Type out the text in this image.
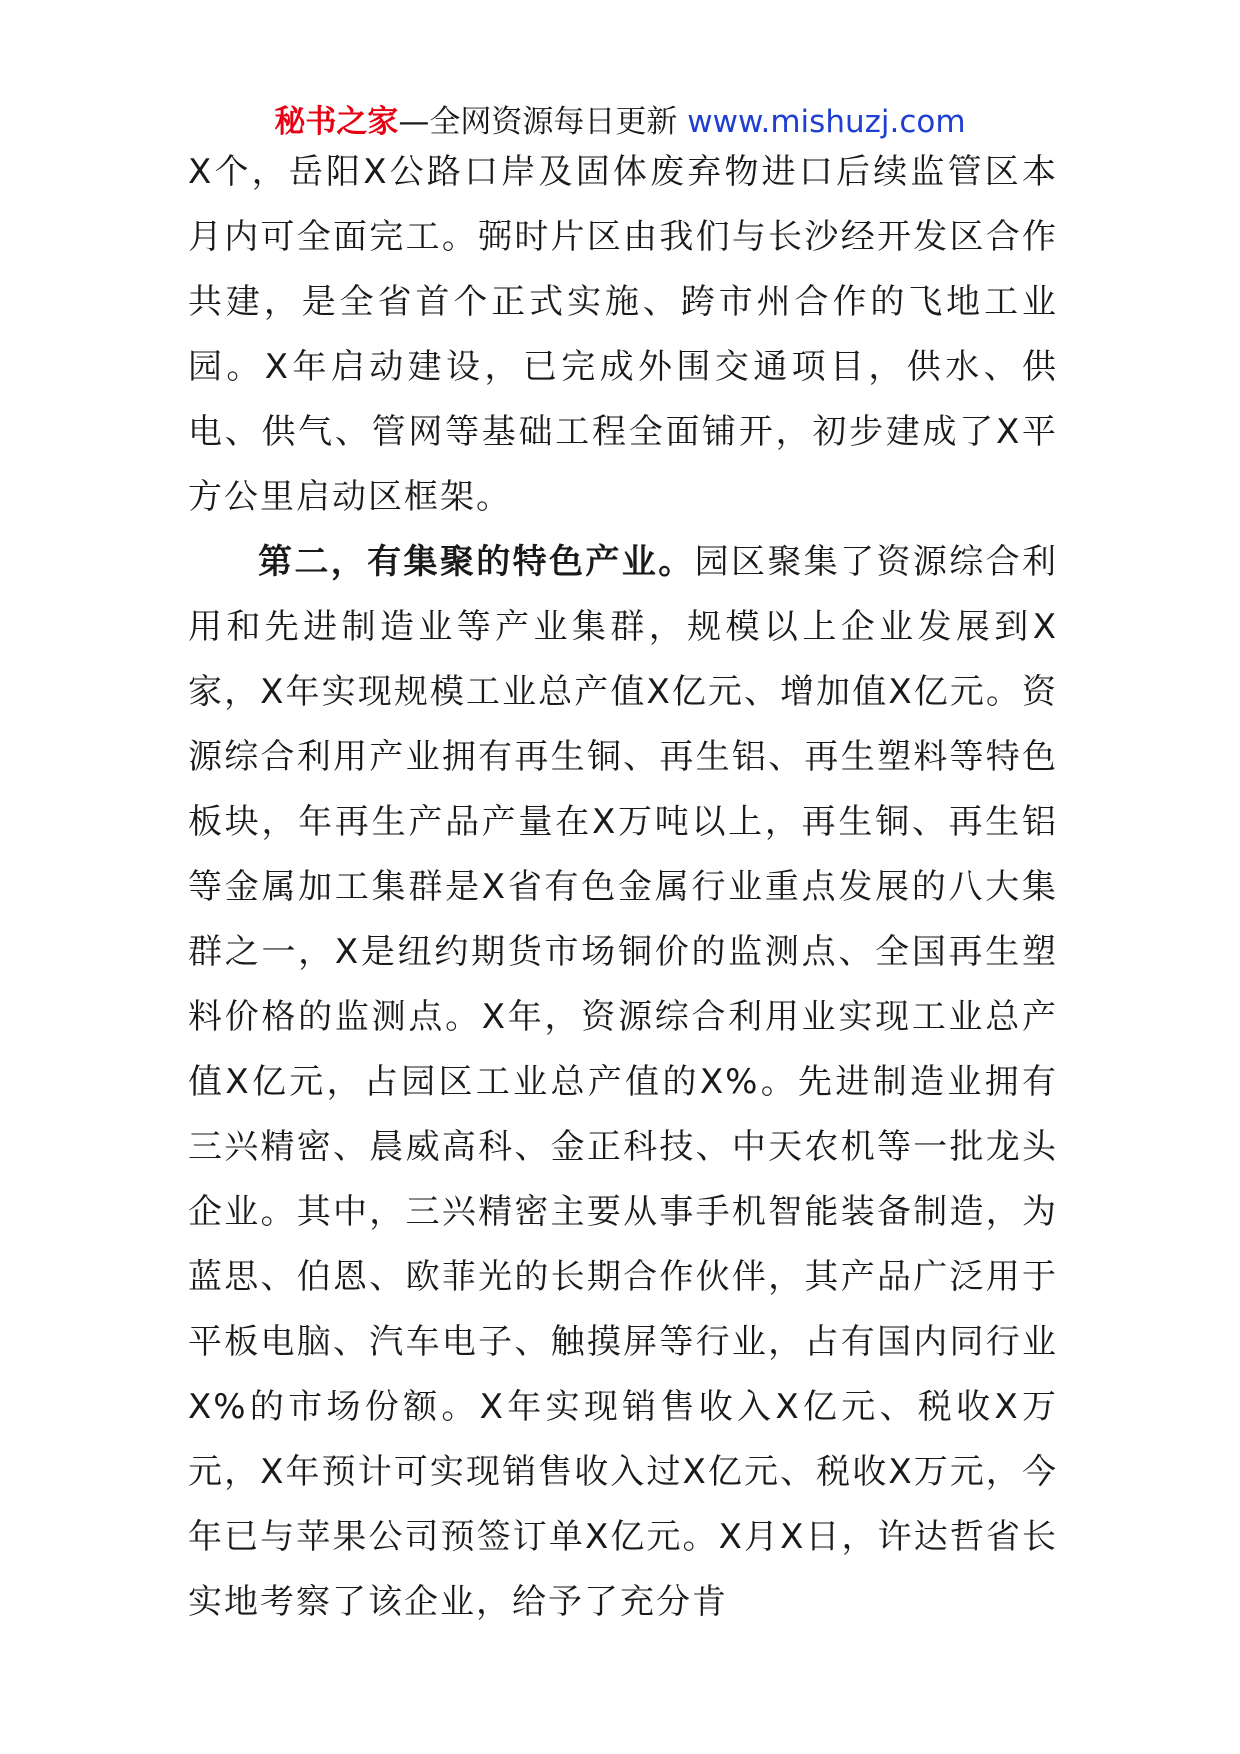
秘书之家—全网资源每日更新 www.mishuzj.com

X个，岳阳X公路口岸及固体废弃物进口后续监管区本月内可全面完工。弼时片区由我们与长沙经开发区合作共建，是全省首个正式实施、跨市州合作的飞地工业园。X年启动建设，已完成外围交通项目，供水、供电、供气、管网等基础工程全面铺开，初步建成了X平方公里启动区框架。

第二，有集聚的特色产业。园区聚集了资源综合利用和先进制造业等产业集群，规模以上企业发展到X家，X年实现规模工业总产值X亿元、增加值X亿元。资源综合利用产业拥有再生铜、再生铝、再生塑料等特色板块，年再生产品产量在X万吨以上，再生铜、再生铝等金属加工集群是X省有色金属行业重点发展的八大集群之一，X是纽约期货市场铜价的监测点、全国再生塑料价格的监测点。X年，资源综合利用业实现工业总产值X亿元，占园区工业总产值的X%。先进制造业拥有三兴精密、晨威高科、金正科技、中天农机等一批龙头企业。其中，三兴精密主要从事手机智能装备制造，为蓝思、伯恩、欧菲光的长期合作伙伴，其产品广泛用于平板电脑、汽车电子、触摸屏等行业，占有国内同行业X%的市场份额。X年实现销售收入X亿元、税收X万元，X年预计可实现销售收入过X亿元、税收X万元，今年已与苹果公司预签订单X亿元。X月X日，许达哲省长实地考察了该企业，给予了充分肯
